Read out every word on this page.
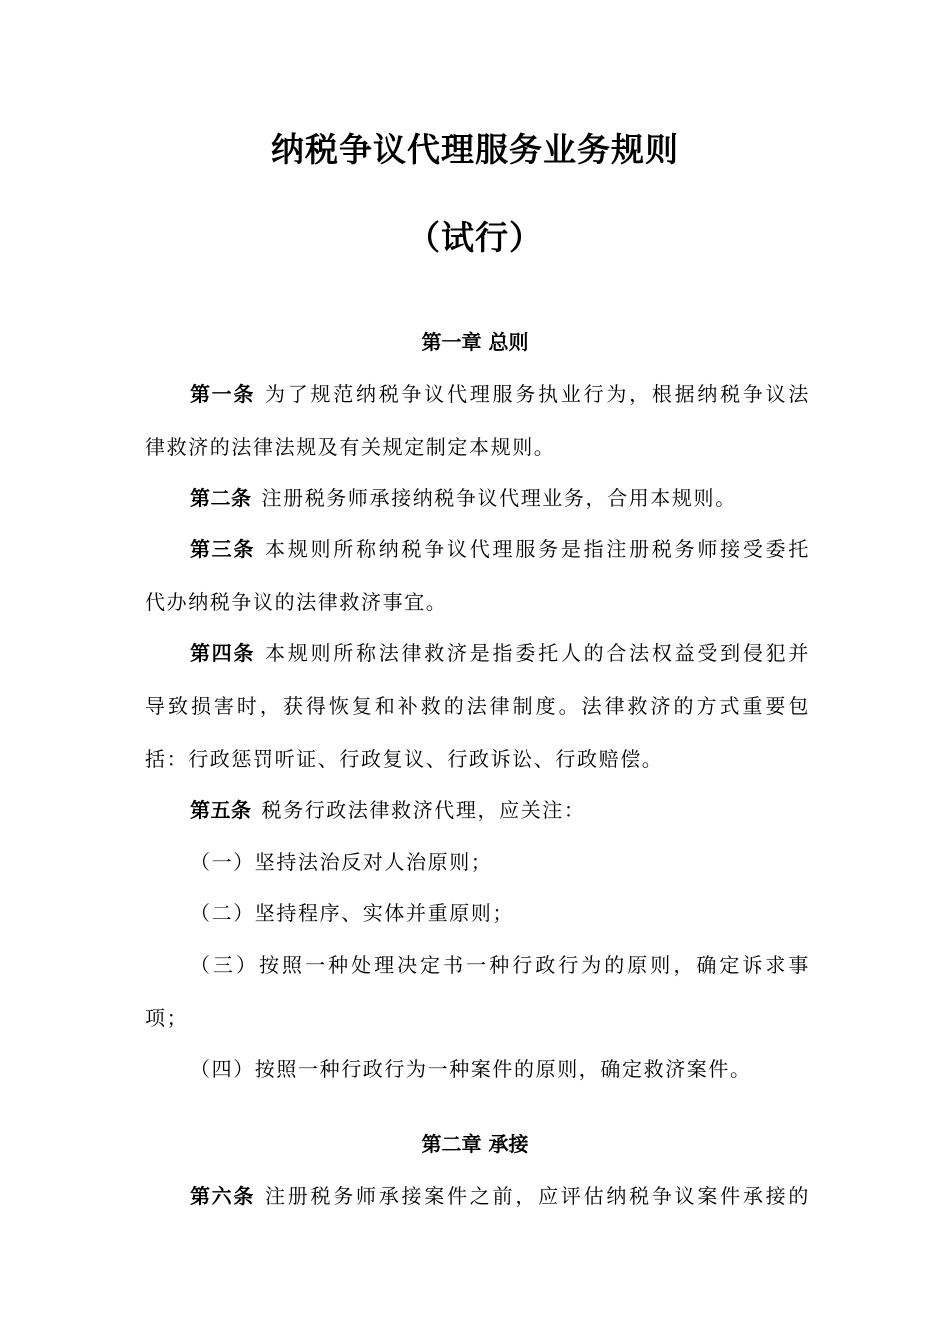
纳税争议代理服务业务规则
（试行）
第一章 总则
第一条 为了规范纳税争议代理服务执业行为，根据纳税争议法
律救济的法律法规及有关规定制定本规则。
第二条 注册税务师承接纳税争议代理业务，合用本规则。
第三条 本规则所称纳税争议代理服务是指注册税务师接受委托
代办纳税争议的法律救济事宜。
第四条 本规则所称法律救济是指委托人的合法权益受到侵犯并
导致损害时，获得恢复和补救的法律制度。法律救济的方式重要包
括：行政惩罚听证、行政复议、行政诉讼、行政赔偿。
第五条 税务行政法律救济代理，应关注：
（一）坚持法治反对人治原则；
（二）坚持程序、实体并重原则；
（三）按照一种处理决定书一种行政行为的原则，确定诉求事
项；
（四）按照一种行政行为一种案件的原则，确定救济案件。
第二章 承接
第六条 注册税务师承接案件之前，应评估纳税争议案件承接的
